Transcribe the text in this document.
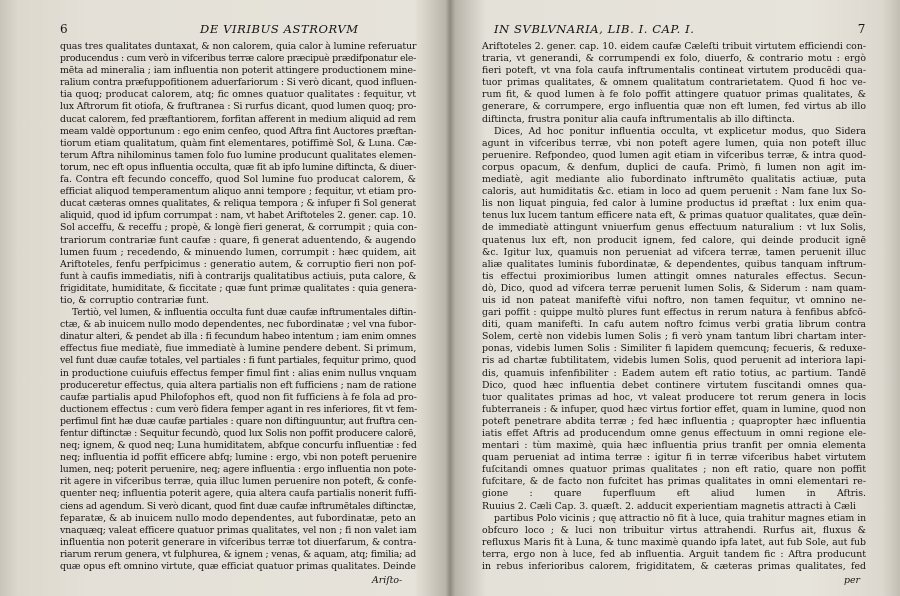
6	DE VIRIBUS ASTRORVM
quas tres qualitates duntaxat, & non calorem, quia calor à lumine referuatur
producendus : cum verò in vifceribus terræ calore præcipuè prædifponatur ele-
mēta ad mineralia ; iam influentia non poterit attingere productionem mine-
ralium contra præfuppofitionem aduerfariorum : Si verò dicant, quod influen-
tia quoq; producat calorem, atq; fic omnes quatuor qualitates : fequitur, vt
lux Aftrorum fit otiofa, & fruftranea : Si rurfus dicant, quod lumen quoq; pro-
ducat calorem, fed præftantiorem, forfitan afferent in medium aliquid ad rem
meam valdè opportunum : ego enim cenfeo, quod Aftra fint Auctores præftan-
tiorum etiam qualitatum, quàm fint elementares, potiffimè Sol, & Luna. Cæ-
terum Aftra nihilominus tamen folo fuo lumine producunt qualitates elemen-
torum, nec eft opus influentia occulta, quæ fit ab ipfo lumine diftincta, & diuer-
fa. Contra eft fecundo conceffo, quod Sol lumine fuo producat calorem, &
efficiat aliquod temperamentum aliquo anni tempore ; fequitur, vt etiam pro-
ducat cæteras omnes qualitates, & reliqua tempora ; & infuper fi Sol generat
aliquid, quod id ipfum corrumpat : nam, vt habet Ariftoteles 2. gener. cap. 10.
Sol acceffu, & receffu ; propè, & longè fieri generat, & corrumpit ; quia con-
trariorum contrariæ funt caufæ : quare, fi generat aduentendo, & augendo
lumen fuum ; recedendo, & minuendo lumen, corrumpit : hæc quidem, ait
Ariftoteles, fenfu perfpicimus : generatio autem, & corruptio fieri non pof-
funt à caufis immediatis, nifi à contrarijs qualitatibus actiuis, puta calore, &
frigiditate, humiditate, & ficcitate ; quæ funt primæ qualitates : quia genera-
tio, & corruptio contrariæ funt.
Tertiò, vel lumen, & influentia occulta funt duæ caufæ inftrumentales diftin-
ctæ, & ab inuicem nullo modo dependentes, nec fubordinatæ ; vel vna fubor-
dinatur alteri, & pendet ab illa : fi fecundum habeo intentum ; iam enim omnes
effectus fiue mediatè, fiue immediatè à lumine pendere debent. Si primum,
vel funt duæ caufæ totales, vel partiales : fi funt partiales, fequitur primo, quod
in productione cuiufuis effectus femper fimul fint : alias enim nullus vnquam
produceretur effectus, quia altera partialis non eft fufficiens ; nam de ratione
caufæ partialis apud Philofophos eft, quod non fit fufficiens à fe fola ad pro-
ductionem effectus : cum verò fidera femper agant in res inferiores, fit vt fem-
perfimul fint hæ duæ caufæ partiales : quare non diftinguuntur, aut fruftra cen-
fentur diftinctæ : Sequitur fecundò, quod lux Solis non poffit producere calorē,
neq; ignem, & quod neq; Luna humiditatem, abfque concurfu influentiæ : fed
neq; influentia id poffit efficere abfq; lumine : ergo, vbi non poteft peruenire
lumen, neq; poterit peruenire, neq; agere influentia : ergo influentia non pote-
rit agere in vifceribus terræ, quia illuc lumen peruenire non poteft, & confe-
quenter neq; influentia poterit agere, quia altera caufa partialis nonerit fuffi-
ciens ad agendum. Si verò dicant, quod fint duæ caufæ inftrumētales diftinctæ,
feparatæ, & ab inuicem nullo modo dependentes, aut fubordinatæ, peto an
vnaquæq; valeat efficere quatuor primas qualitates, vel non ; fi non valet iam
influentia non poterit generare in vifceribus terræ tot diuerfarum, & contra-
riarum rerum genera, vt fulphurea, & ignem ; venas, & aquam, atq; fimilia; ad
quæ opus eft omnino virtute, quæ efficiat quatuor primas qualitates. Deinde
Ariſto-
IN SVBLVNARIA, LIB. I. CAP. I.	7
Ariftoteles 2. gener. cap. 10. eidem caufæ Cæleſti tribuit virtutem efficiendi con-
traria, vt generandi, & corrumpendi ex folo, diuerfo, & contrario motu : ergò
fieri poteft, vt vna fola caufa inftrumentalis contineat virtutem producēdi qua-
tuor primas qualitates, & omnem qualitatum contrarietatem. Quod fi hoc ve-
rum fit, & quod lumen à fe folo poffit attingere quatuor primas qualitates, &
generare, & corrumpere, ergo influentia quæ non eft lumen, fed virtus ab illo
diftincta, frustra ponitur alia caufa inftrumentalis ab illo diftincta.
Dices, Ad hoc ponitur influentia occulta, vt explicetur modus, quo Sidera
agunt in vifceribus terræ, vbi non poteft agere lumen, quia non poteft illuc
peruenire. Refpondeo, quod lumen agit etiam in vifceribus terræ, & intra quod-
corpus opacum, & denfum, duplici de caufa. Primò, fi lumen non agit im-
mediatè, agit mediante alio fubordinato inftrumēto qualitatis actiuæ, puta
caloris, aut humiditatis &c. etiam in loco ad quem peruenit : Nam fane lux So-
lis non liquat pinguia, fed calor à lumine productus id præftat : lux enim qua-
tenus lux lucem tantum efficere nata eft, & primas quatuor qualitates, quæ deīn-
de immediatè attingunt vniuerfum genus effectuum naturalium : vt lux Solis,
quatenus lux eft, non producit ignem, fed calore, qui deinde producit ignē
&c. Igitur lux, quamuis non perueniat ad vifcera terræ, tamen peruenit illuc
aliæ qualitates luminis fubordinatæ, & dependentes, quibus tanquam inftrum-
tis effectui proximioribus lumen attingit omnes naturales effectus. Secun-
dò, Dico, quod ad vifcera terræ peruenit lumen Solis, & Siderum : nam quam-
uis id non pateat manifeftè vifui noftro, non tamen fequitur, vt omnino ne-
gari poffit : quippe multò plures funt effectus in rerum natura à fenfibus abfcō-
diti, quam manifefti. In cafu autem noftro fcimus verbi gratia librum contra
Solem, certè non videbis lumen Solis ; fi verò ynam tantum libri chartam inter-
ponas, videbis lumen Solis : Similiter fi lapidem quemcunq; fecueris, & reduxe-
ris ad chartæ fubtilitatem, videbis lumen Solis, quod peruenit ad interiora lapi-
dis, quamuis infenfibiliter : Eadem autem eft ratio totius, ac partium. Tandē
Dico, quod hæc influentia debet continere virtutem fuscitandi omnes qua-
tuor qualitates primas ad hoc, vt valeat producere tot rerum genera in locis
fubterraneis : & infuper, quod hæc virtus fortior effet, quam in lumine, quod non
poteft penetrare abdita terræ ; fed hæc influentia ; quapropter hæc influentia
iatis effet Aftris ad producendum omne genus effectuum in omni regione ele-
mentari : tùm maximè, quia hæc influentia prius tranfit per omnia elementa
quam perueniat ad intima terræ : igitur fi in terræ vifceribus habet virtutem
fuſcitandi omnes quatuor primas qualitates ; non eft ratio, quare non poffit
fufcitare, & de facto non fufcitet has primas qualitates in omni elementari re-
gione : quare fuperfluum eft aliud lumen in Aftris.
Ruuius 2. Cæli Cap. 3. quæſt. 2. adducit experientiam magnetis attracti à Cæli
partibus Polo vicinis ; quę attractio nō fit à luce, quia trahitur magnes etiam in
obfcuro loco ; & luci non tribuitur virtus attrahendi. Rurfus ait, fluxus &
refluxus Maris fit à Luna, & tunc maximè quando ipfa latet, aut fub Sole, aut fub
terra, ergo non à luce, fed ab influentia. Arguit tandem fic : Aftra producunt
in rebus inferioribus calorem, frigiditatem, & cæteras primas qualitates, fed
per
